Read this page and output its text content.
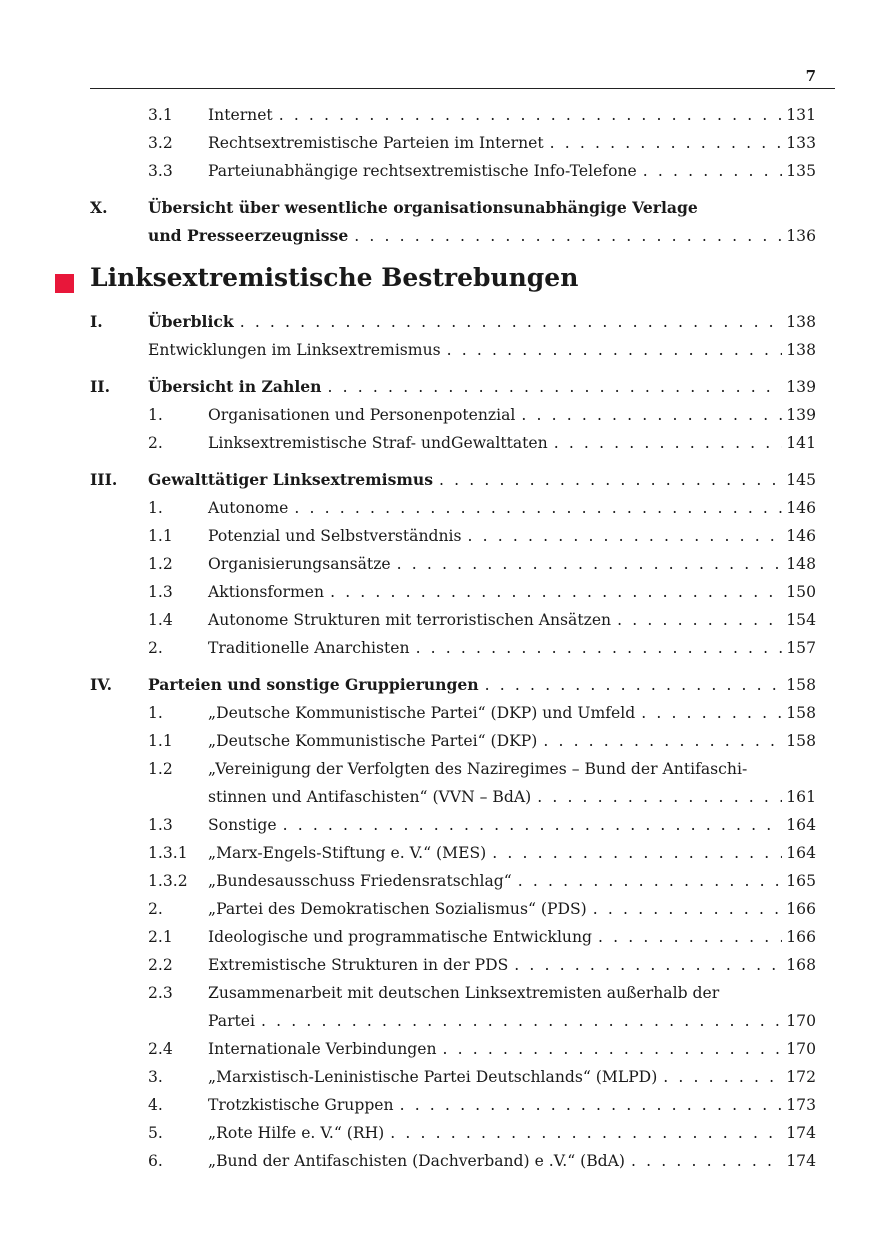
7
3.1 Internet . . .	131
3.2 Rechtsextremistische Parteien im Internet . . .	133
3.3 Parteiunabhängige rechtsextremistische Info-Telefone . . .	135
X.	Übersicht über wesentliche organisationsunabhängige Verlage
und Presseerzeugnisse . . .	136
Linksextremistische Bestrebungen
I.	Überblick . . .	138
Entwicklungen im Linksextremismus . . .	138
II. Übersicht in Zahlen . . .	139
1.	Organisationen und Personenpotenzial . . .	139
2.	Linksextremistische Straf- undGewalttaten . . .	141
III. Gewalttätiger Linksextremismus . . .	145
1.	Autonome . . .	146
1.1 Potenzial und Selbstverständnis . . .	146
1.2 Organisierungsansätze . . .	148
1.3 Aktionsformen . . .	150
1.4 Autonome Strukturen mit terroristischen Ansätzen . . .	154
2.	Traditionelle Anarchisten . . .	157
IV. Parteien und sonstige Gruppierungen . . .	158
1.	„Deutsche Kommunistische Partei“ (DKP) und Umfeld . . .	158
1.1 „Deutsche Kommunistische Partei“ (DKP) . . .	158
1.2 „Vereinigung der Verfolgten des Naziregimes – Bund der Antifaschi-
stinnen und Antifaschisten“ (VVN – BdA) . . .	161
1.3 Sonstige . . .	164
1.3.1 „Marx-Engels-Stiftung e. V.“ (MES) . . .	164
1.3.2 „Bundesausschuss Friedensratschlag“ . . .	165
2.	„Partei des Demokratischen Sozialismus“ (PDS) . . .	166
2.1 Ideologische und programmatische Entwicklung . . .	166
2.2 Extremistische Strukturen in der PDS . . .	168
2.3 Zusammenarbeit mit deutschen Linksextremisten außerhalb der
Partei . . .	170
2.4 Internationale Verbindungen . . .	170
3.	„Marxistisch-Leninistische Partei Deutschlands“ (MLPD) . . .	172
4.	Trotzkistische Gruppen . . .	173
5.	„Rote Hilfe e. V.“ (RH) . . .	174
6.	„Bund der Antifaschisten (Dachverband) e .V.“ (BdA) . . .	174
